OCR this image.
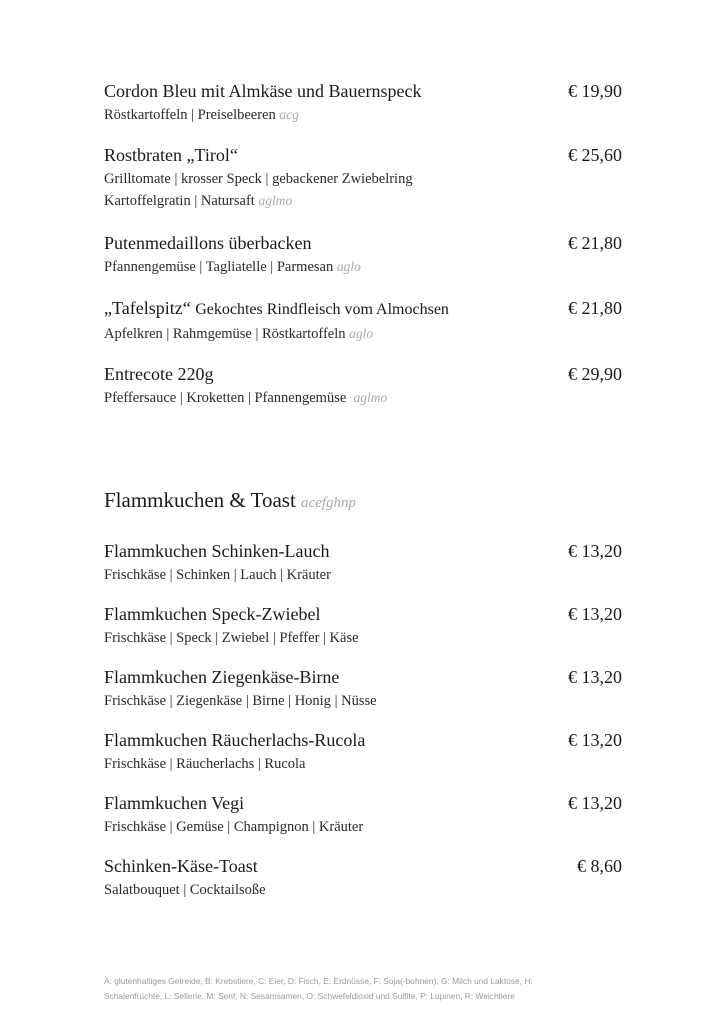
Cordon Bleu mit Almkäse und Bauernspeck	€ 19,90
Röstkartoffeln | Preiselbeeren acg
Rostbraten „Tirol“	€ 25,60
Grilltomate | krosser Speck | gebackener Zwiebelring
Kartoffelgratin | Natursaft aglmo
Putenmedaillons überbacken	€ 21,80
Pfannengemüse | Tagliatelle | Parmesan aglo
„Tafelspitz“ Gekochtes Rindfleisch vom Almochsen	€ 21,80
Apfelkren | Rahmgemüse | Röstkartoffeln aglo
Entrecote 220g	€ 29,90
Pfeffersauce | Kroketten | Pfannengemüse aglmo
Flammkuchen & Toast acefghnp
Flammkuchen Schinken-Lauch	€ 13,20
Frischkäse | Schinken | Lauch | Kräuter
Flammkuchen Speck-Zwiebel	€ 13,20
Frischkäse | Speck | Zwiebel | Pfeffer | Käse
Flammkuchen Ziegenkäse-Birne	€ 13,20
Frischkäse | Ziegenkäse | Birne | Honig | Nüsse
Flammkuchen Räucherlachs-Rucola	€ 13,20
Frischkäse | Räucherlachs | Rucola
Flammkuchen Vegi	€ 13,20
Frischkäse | Gemüse | Champignon | Kräuter
Schinken-Käse-Toast	€ 8,60
Salatbouquet | Cocktailsoße
A: glutenhaltiges Getreide, B: Krebstiere, C: Eier, D: Fisch, E: Erdnüsse, F: Soja(-bohnen), G: Milch und Laktose, H:
Schalenfrüchte, L: Sellerie, M: Senf, N: Sesamsamen, O: Schwefeldioxid und Sulfite, P: Lupinen, R: Weichtiere
